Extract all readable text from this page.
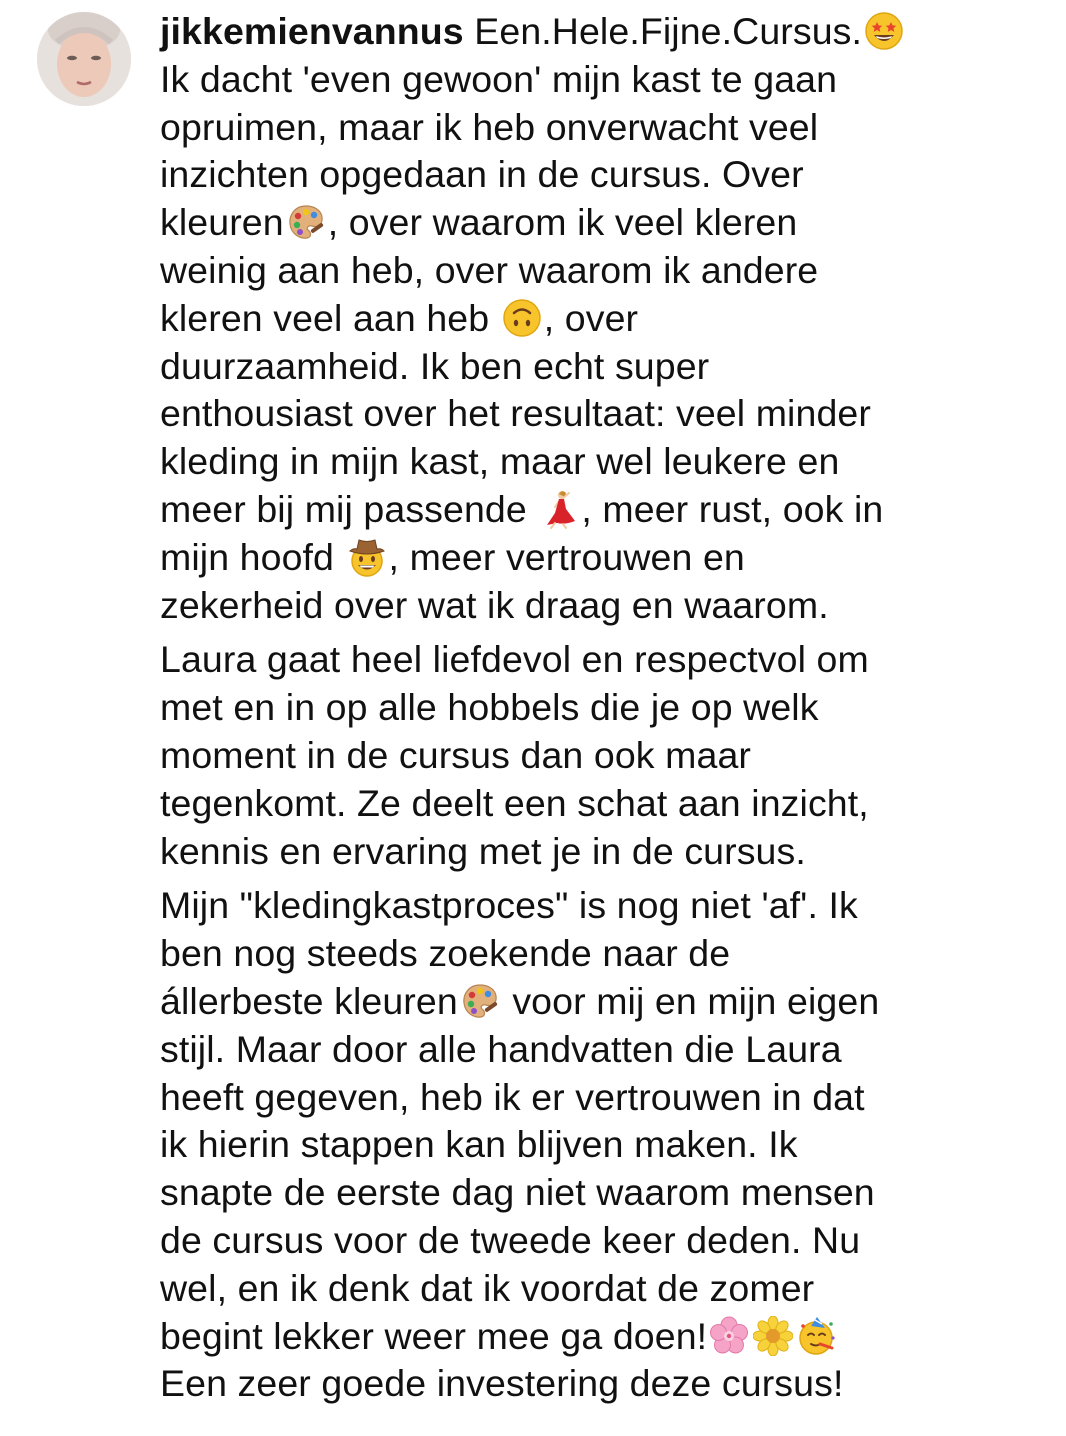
jikkemienvannus Een.Hele.Fijne.Cursus.

Ik dacht 'even gewoon' mijn kast te gaan

opruimen, maar ik heb onverwacht veel

inzichten opgedaan in de cursus. Over

kleuren , over waarom ik veel kleren

weinig aan heb, over waarom ik andere

kleren veel aan heb
, over

duurzaamheid. Ik ben echt super

enthousiast over het resultaat: veel minder

kleding in mijn kast, maar wel leukere en

meer bij mij passende
, meer rust, ook in

mijn hoofd
, meer vertrouwen en

zekerheid over wat ik draag en waarom.

Laura gaat heel liefdevol en respectvol om

met en in op alle hobbels die je op welk

moment in de cursus dan ook maar

tegenkomt. Ze deelt een schat aan inzicht,

kennis en ervaring met je in de cursus.

Mijn "kledingkastproces" is nog niet 'af'. Ik

ben nog steeds zoekende naar de

állerbeste kleuren
voor mij en mijn eigen

stijl. Maar door alle handvatten die Laura

heeft gegeven, heb ik er vertrouwen in dat

ik hierin stappen kan blijven maken. Ik

snapte de eerste dag niet waarom mensen

de cursus voor de tweede keer deden. Nu

wel, en ik denk dat ik voordat de zomer

begint lekker weer mee ga doen!

Een zeer goede investering deze cursus!
